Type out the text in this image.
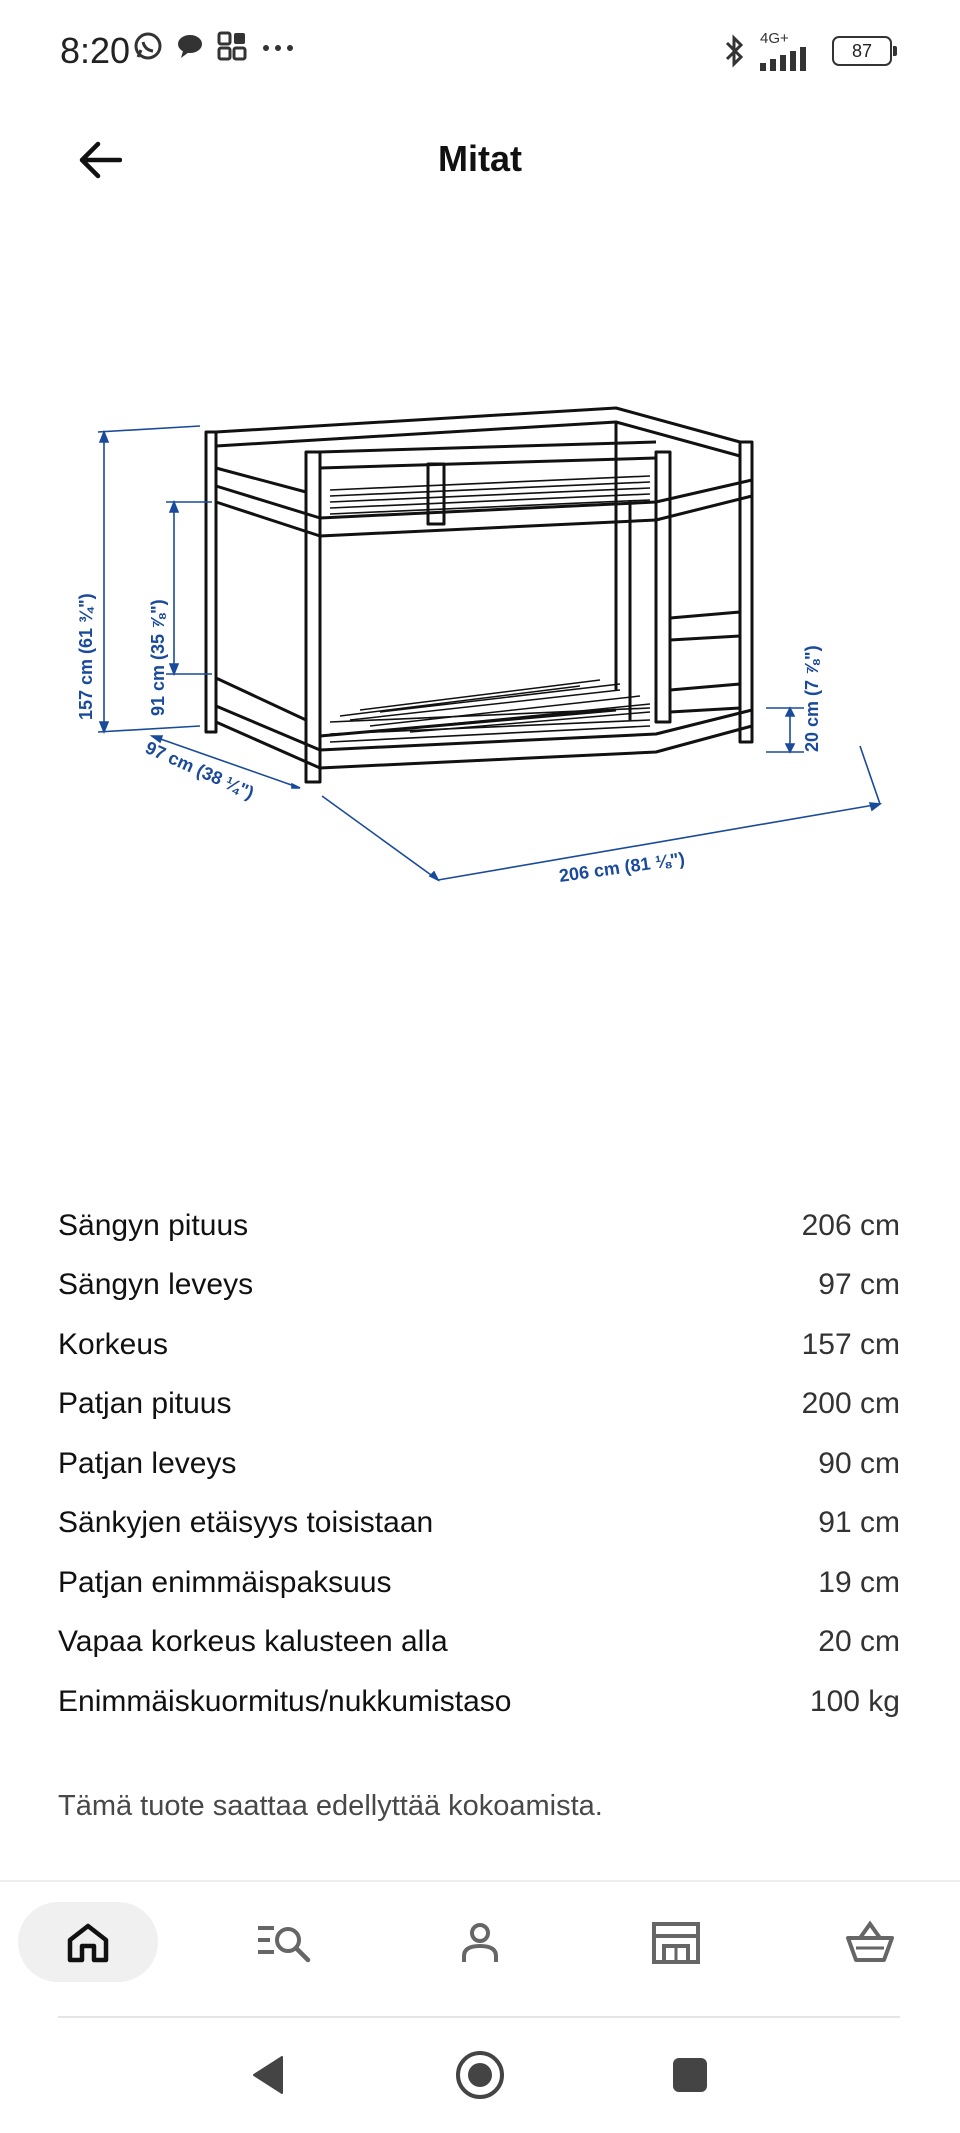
8:20	4G+
87
Mitat
157 cm (61 ¾")	91 cm (35 ⅞")
97 cm (38 ¼")
206 cm (81 ⅛")
20 cm (7 ⅞")
Sängyn pituus	206 cm
Sängyn leveys	97 cm
Korkeus	157 cm
Patjan pituus	200 cm
Patjan leveys	90 cm
Sänkyjen etäisyys toisistaan	91 cm
Patjan enimmäispaksuus	19 cm
Vapaa korkeus kalusteen alla	20 cm
Enimmäiskuormitus/nukkumistaso	100 kg
Tämä tuote saattaa edellyttää kokoamista.
